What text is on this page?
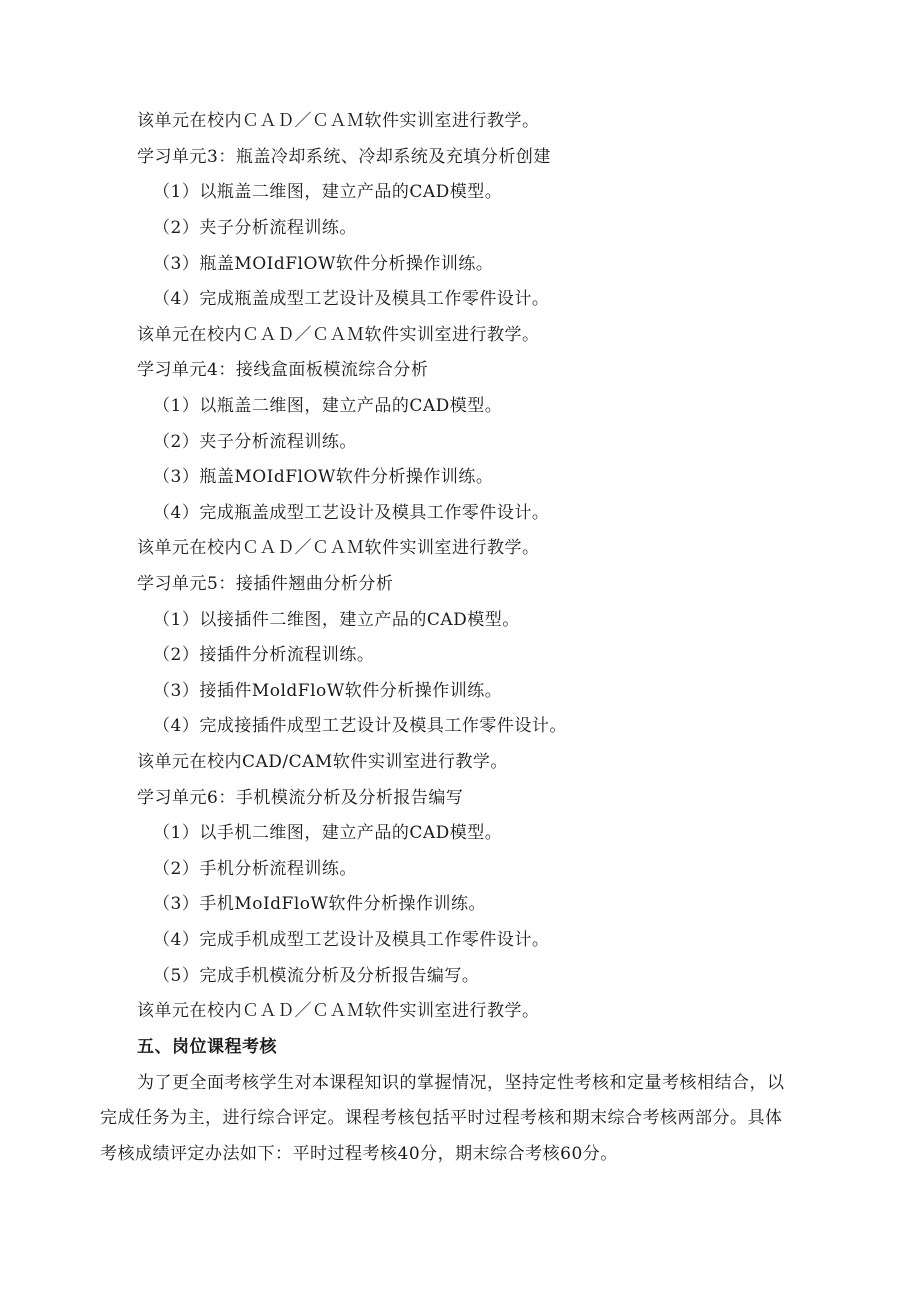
该单元在校内ＣＡＤ／ＣＡＭ软件实训室进行教学。
学习单元3：瓶盖冷却系统、冷却系统及充填分析创建
（1）以瓶盖二维图，建立产品的CAD模型。
（2）夹子分析流程训练。
（3）瓶盖MOIdFlOW软件分析操作训练。
（4）完成瓶盖成型工艺设计及模具工作零件设计。
该单元在校内ＣＡＤ／ＣＡＭ软件实训室进行教学。
学习单元4：接线盒面板模流综合分析
（1）以瓶盖二维图，建立产品的CAD模型。
（2）夹子分析流程训练。
（3）瓶盖MOIdFlOW软件分析操作训练。
（4）完成瓶盖成型工艺设计及模具工作零件设计。
该单元在校内ＣＡＤ／ＣＡＭ软件实训室进行教学。
学习单元5：接插件翘曲分析分析
（1）以接插件二维图，建立产品的CAD模型。
（2）接插件分析流程训练。
（3）接插件MoldFloW软件分析操作训练。
（4）完成接插件成型工艺设计及模具工作零件设计。
该单元在校内CAD/CAM软件实训室进行教学。
学习单元6：手机模流分析及分析报告编写
（1）以手机二维图，建立产品的CAD模型。
（2）手机分析流程训练。
（3）手机MoIdFloW软件分析操作训练。
（4）完成手机成型工艺设计及模具工作零件设计。
（5）完成手机模流分析及分析报告编写。
该单元在校内ＣＡＤ／ＣＡＭ软件实训室进行教学。
五、岗位课程考核
为了更全面考核学生对本课程知识的掌握情况，坚持定性考核和定量考核相结合，以
完成任务为主，进行综合评定。课程考核包括平时过程考核和期末综合考核两部分。具体
考核成绩评定办法如下：平时过程考核40分，期末综合考核60分。
